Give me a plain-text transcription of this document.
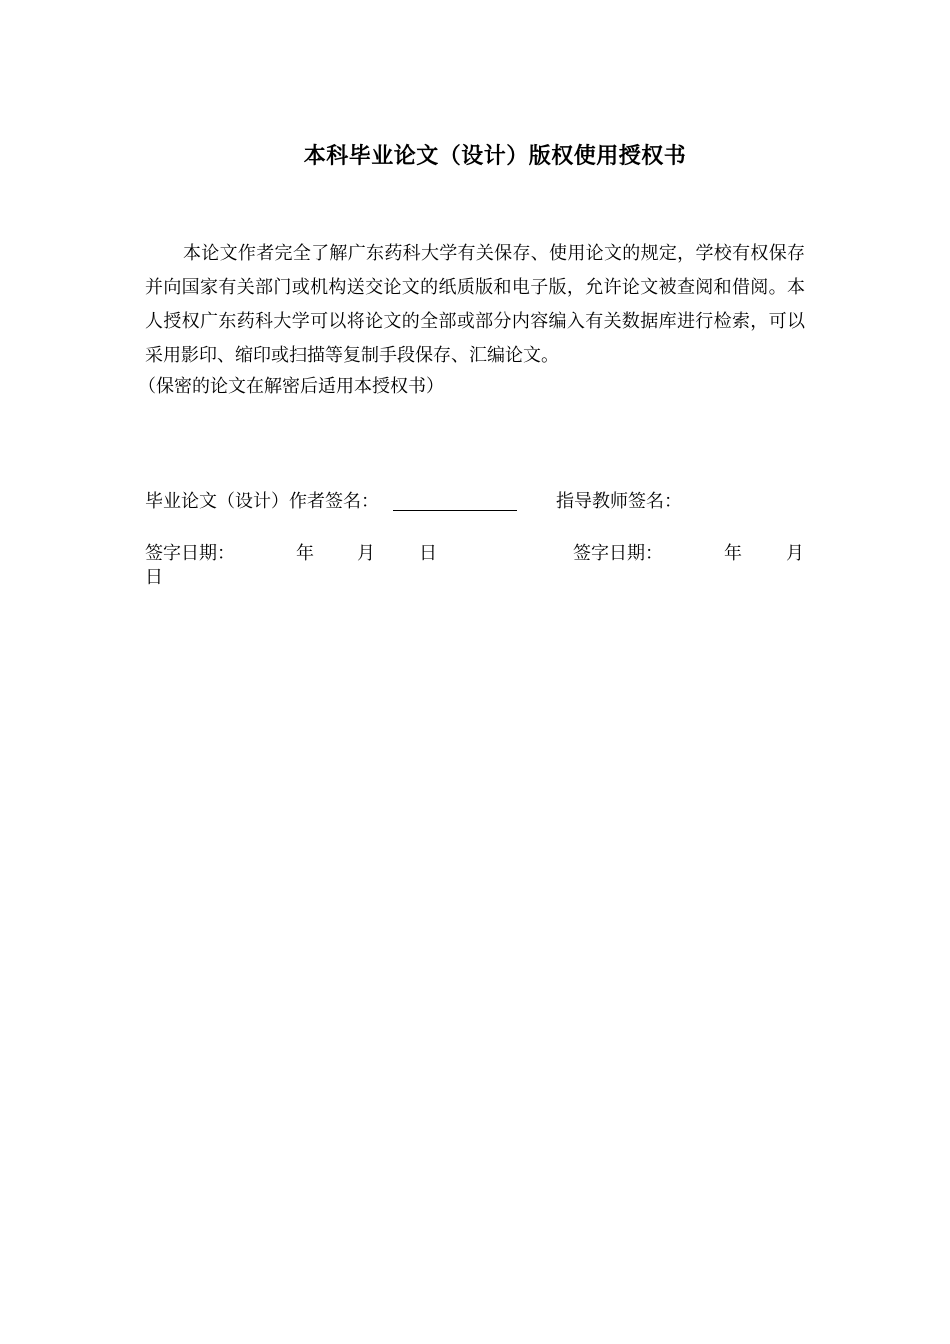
本科毕业论文（设计）版权使用授权书

本论文作者完全了解广东药科大学有关保存、使用论文的规定，学校有权保存并向国家有关部门或机构送交论文的纸质版和电子版，允许论文被查阅和借阅。本人授权广东药科大学可以将论文的全部或部分内容编入有关数据库进行检索，可以采用影印、缩印或扫描等复制手段保存、汇编论文。

（保密的论文在解密后适用本授权书）
毕业论文（设计）作者签名：	指导教师签名：
签字日期：	年 月 日	签字日期：	年 月
日
